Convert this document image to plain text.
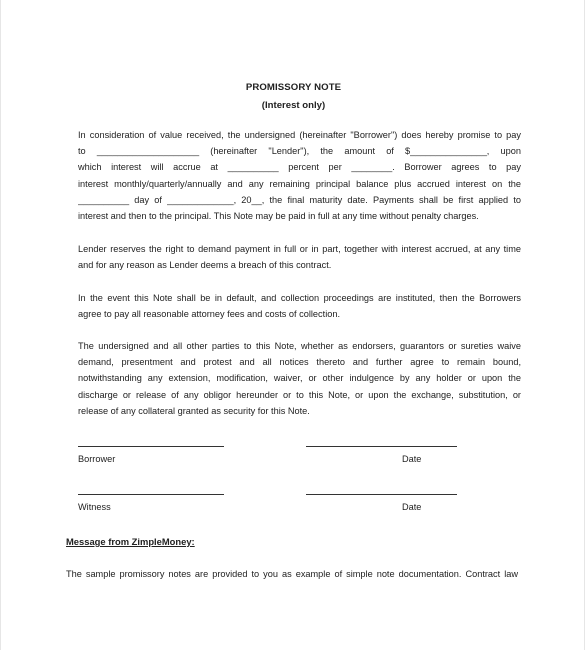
PROMISSORY NOTE
(Interest only)
In consideration of value received, the undersigned (hereinafter "Borrower") does hereby promise to pay
to ____________________ (hereinafter "Lender"), the amount of $_______________, upon
which interest will accrue at __________ percent per ________. Borrower agrees to pay
interest monthly/quarterly/annually and any remaining principal balance plus accrued interest on the
__________ day of _____________, 20__, the final maturity date. Payments shall be first applied to
interest and then to the principal. This Note may be paid in full at any time without penalty charges.
Lender reserves the right to demand payment in full or in part, together with interest accrued, at any time
and for any reason as Lender deems a breach of this contract.
In the event this Note shall be in default, and collection proceedings are instituted, then the Borrowers
agree to pay all reasonable attorney fees and costs of collection.
The undersigned and all other parties to this Note, whether as endorsers, guarantors or sureties waive
demand, presentment and protest and all notices thereto and further agree to remain bound,
notwithstanding any extension, modification, waiver, or other indulgence by any holder or upon the
discharge or release of any obligor hereunder or to this Note, or upon the exchange, substitution, or
release of any collateral granted as security for this Note.
Borrower	Date
Witness	Date
Message from ZimpleMoney:
The sample promissory notes are provided to you as example of simple note documentation. Contract law
